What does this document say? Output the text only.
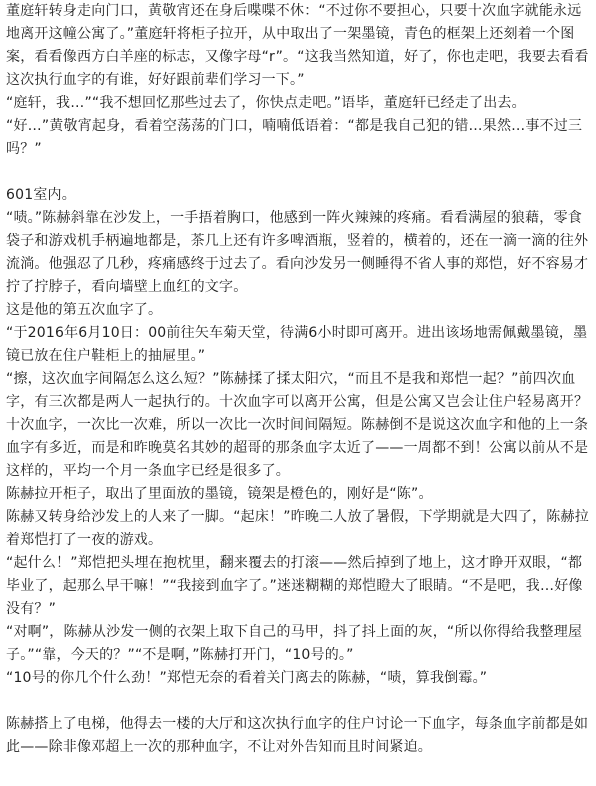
董庭轩转身走向门口，黄敬宵还在身后喋喋不休：“不过你不要担心，只要十次血字就能永远地离开这幢公寓了。”董庭轩将柜子拉开，从中取出了一架墨镜，青色的框架上还刻着一个图案，看看像西方白羊座的标志，又像字母“r”。“这我当然知道，好了，你也走吧，我要去看看这次执行血字的有谁，好好跟前辈们学习一下。”

“庭轩，我…”“我不想回忆那些过去了，你快点走吧。”语毕，董庭轩已经走了出去。

“好…”黄敬宵起身，看着空荡荡的门口，喃喃低语着：“都是我自己犯的错…果然…事不过三吗？”

601室内。

“啧。”陈赫斜靠在沙发上，一手捂着胸口，他感到一阵火辣辣的疼痛。看看满屋的狼藉，零食袋子和游戏机手柄遍地都是，茶几上还有许多啤酒瓶，竖着的，横着的，还在一滴一滴的往外流淌。他强忍了几秒，疼痛感终于过去了。看向沙发另一侧睡得不省人事的郑恺，好不容易才拧了拧脖子，看向墙壁上血红的文字。

这是他的第五次血字了。

“于2016年6月10日：00前往矢车菊天堂，待满6小时即可离开。进出该场地需佩戴墨镜，墨镜已放在住户鞋柜上的抽屉里。”

“擦，这次血字间隔怎么这么短？”陈赫揉了揉太阳穴，“而且不是我和郑恺一起？”前四次血字，有三次都是两人一起执行的。十次血字可以离开公寓，但是公寓又岂会让住户轻易离开？十次血字，一次比一次难，所以一次比一次时间间隔短。陈赫倒不是说这次血字和他的上一条血字有多近，而是和昨晚莫名其妙的超哥的那条血字太近了——一周都不到！公寓以前从不是这样的，平均一个月一条血字已经是很多了。

陈赫拉开柜子，取出了里面放的墨镜，镜架是橙色的，刚好是“陈”。

陈赫又转身给沙发上的人来了一脚。“起床！”昨晚二人放了暑假，下学期就是大四了，陈赫拉着郑恺打了一夜的游戏。

“起什么！”郑恺把头埋在抱枕里，翻来覆去的打滚——然后掉到了地上，这才睁开双眼，“都毕业了，起那么早干嘛！”“我接到血字了。”迷迷糊糊的郑恺瞪大了眼睛。“不是吧，我…好像没有？”

“对啊”，陈赫从沙发一侧的衣架上取下自己的马甲，抖了抖上面的灰，“所以你得给我整理屋子。”“靠，今天的？”“不是啊，”陈赫打开门，“10号的。”

“10号的你几个什么劲！”郑恺无奈的看着关门离去的陈赫，“啧，算我倒霉。”

陈赫搭上了电梯，他得去一楼的大厅和这次执行血字的住户讨论一下血字，每条血字前都是如此——除非像邓超上一次的那种血字，不让对外告知而且时间紧迫。
